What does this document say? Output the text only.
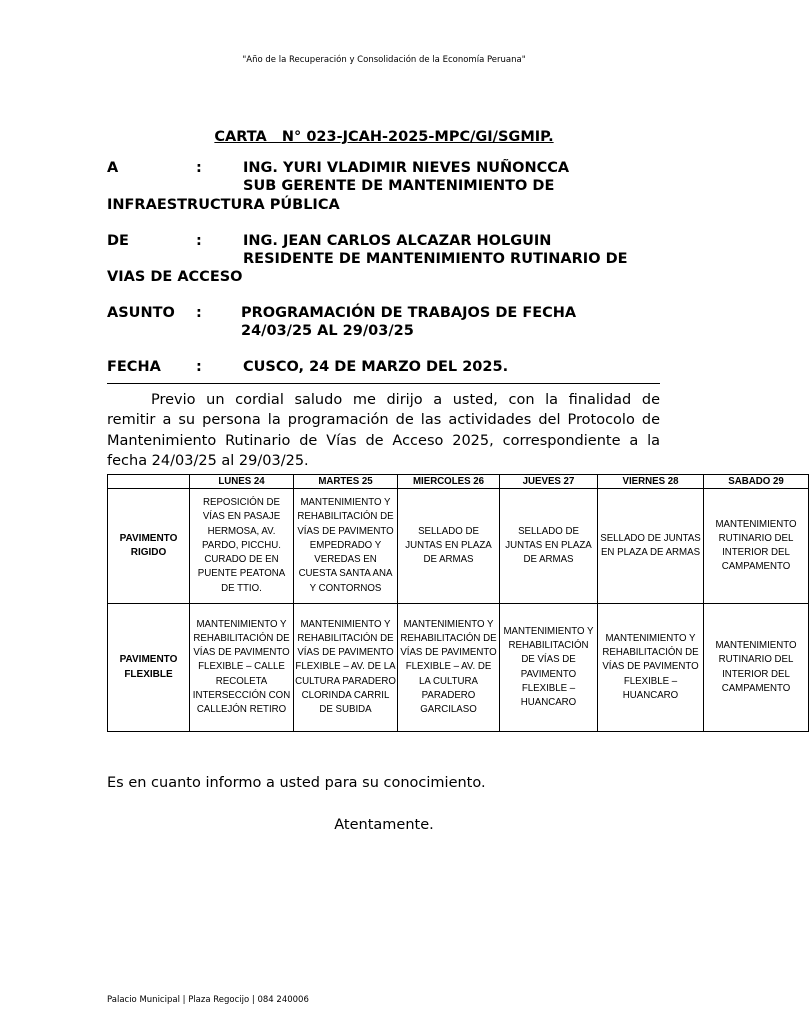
"Año de la Recuperación y Consolidación de la Economía Peruana"
CARTA   N° 023-JCAH-2025-MPC/GI/SGMIP.
A	:	ING. YURI VLADIMIR NIEVES NUÑONCCA
SUB GERENTE DE MANTENIMIENTO DE
INFRAESTRUCTURA PÚBLICA
DE	:	ING. JEAN CARLOS ALCAZAR HOLGUIN
RESIDENTE DE MANTENIMIENTO RUTINARIO DE
VIAS DE ACCESO
ASUNTO :	PROGRAMACIÓN DE TRABAJOS DE FECHA
24/03/25 AL 29/03/25
FECHA :	CUSCO, 24 DE MARZO DEL 2025.
Previo un cordial saludo me dirijo a usted, con la finalidad de
remitir a su persona la programación de las actividades del Protocolo de
Mantenimiento Rutinario de Vías de Acceso 2025, correspondiente a la
fecha 24/03/25 al 29/03/25.
	LUNES 24	MARTES 25	MIERCOLES 26	JUEVES 27	VIERNES 28	SABADO 29
PAVIMENTO RIGIDO	REPOSICIÓN DE VÍAS EN PASAJE HERMOSA, AV. PARDO, PICCHU. CURADO DE EN PUENTE PEATONA DE TTIO.	MANTENIMIENTO Y REHABILITACIÓN DE VÍAS DE PAVIMENTO EMPEDRADO Y VEREDAS EN CUESTA SANTA ANA Y CONTORNOS	SELLADO DE JUNTAS EN PLAZA DE ARMAS	SELLADO DE JUNTAS EN PLAZA DE ARMAS	SELLADO DE JUNTAS EN PLAZA DE ARMAS	MANTENIMIENTO RUTINARIO DEL INTERIOR DEL CAMPAMENTO
PAVIMENTO FLEXIBLE	MANTENIMIENTO Y REHABILITACIÓN DE VÍAS DE PAVIMENTO FLEXIBLE – CALLE RECOLETA INTERSECCIÓN CON CALLEJÓN RETIRO	MANTENIMIENTO Y REHABILITACIÓN DE VÍAS DE PAVIMENTO FLEXIBLE – AV. DE LA CULTURA PARADERO CLORINDA CARRIL DE SUBIDA	MANTENIMIENTO Y REHABILITACIÓN DE VÍAS DE PAVIMENTO FLEXIBLE – AV. DE LA CULTURA PARADERO GARCILASO	MANTENIMIENTO Y REHABILITACIÓN DE VÍAS DE PAVIMENTO FLEXIBLE – HUANCARO	MANTENIMIENTO Y REHABILITACIÓN DE VÍAS DE PAVIMENTO FLEXIBLE – HUANCARO	MANTENIMIENTO RUTINARIO DEL INTERIOR DEL CAMPAMENTO
Es en cuanto informo a usted para su conocimiento.
Atentamente.
Palacio Municipal | Plaza Regocijo | 084 240006
